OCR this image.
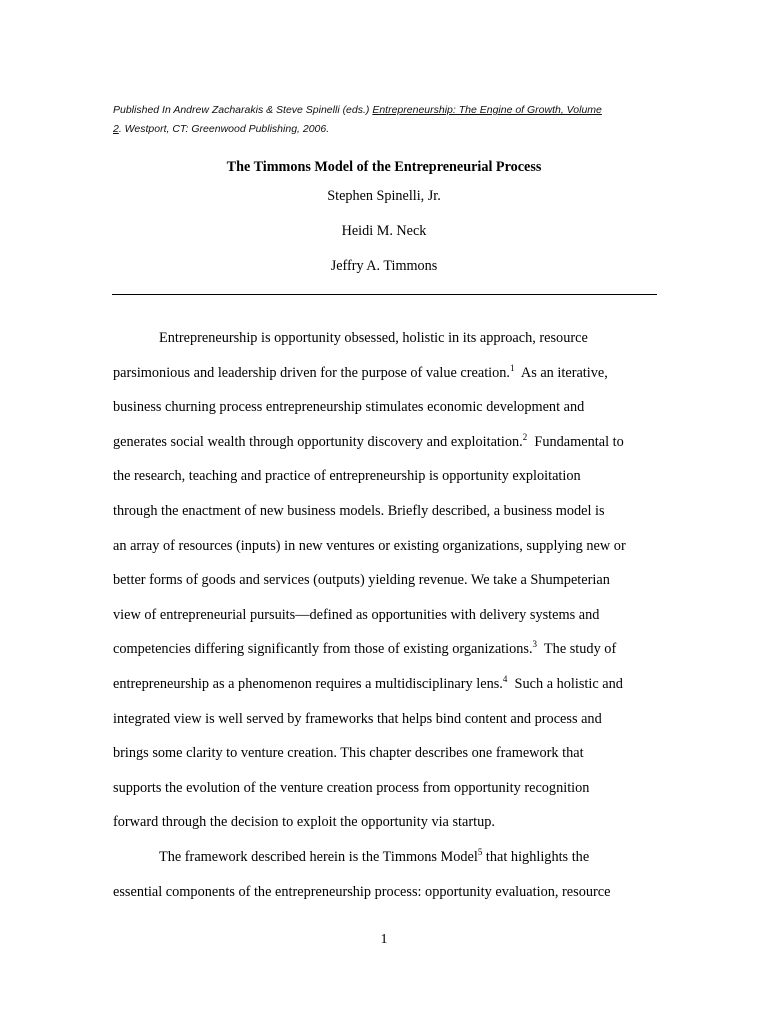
Published In Andrew Zacharakis & Steve Spinelli (eds.) Entrepreneurship: The Engine of Growth, Volume
2. Westport, CT: Greenwood Publishing, 2006.
The Timmons Model of the Entrepreneurial Process
Stephen Spinelli, Jr.
Heidi M. Neck
Jeffry A. Timmons
Entrepreneurship is opportunity obsessed, holistic in its approach, resource
parsimonious and leadership driven for the purpose of value creation.$^1$  As an iterative,
business churning process entrepreneurship stimulates economic development and
generates social wealth through opportunity discovery and exploitation.$^2$  Fundamental to
the research, teaching and practice of entrepreneurship is opportunity exploitation
through the enactment of new business models. Briefly described, a business model is
an array of resources (inputs) in new ventures or existing organizations, supplying new or
better forms of goods and services (outputs) yielding revenue. We take a Shumpeterian
view of entrepreneurial pursuits—defined as opportunities with delivery systems and
competencies differing significantly from those of existing organizations.$^3$  The study of
entrepreneurship as a phenomenon requires a multidisciplinary lens.$^4$  Such a holistic and
integrated view is well served by frameworks that helps bind content and process and
brings some clarity to venture creation. This chapter describes one framework that
supports the evolution of the venture creation process from opportunity recognition
forward through the decision to exploit the opportunity via startup.
The framework described herein is the Timmons Model$^5$ that highlights the
essential components of the entrepreneurship process: opportunity evaluation, resource
1
